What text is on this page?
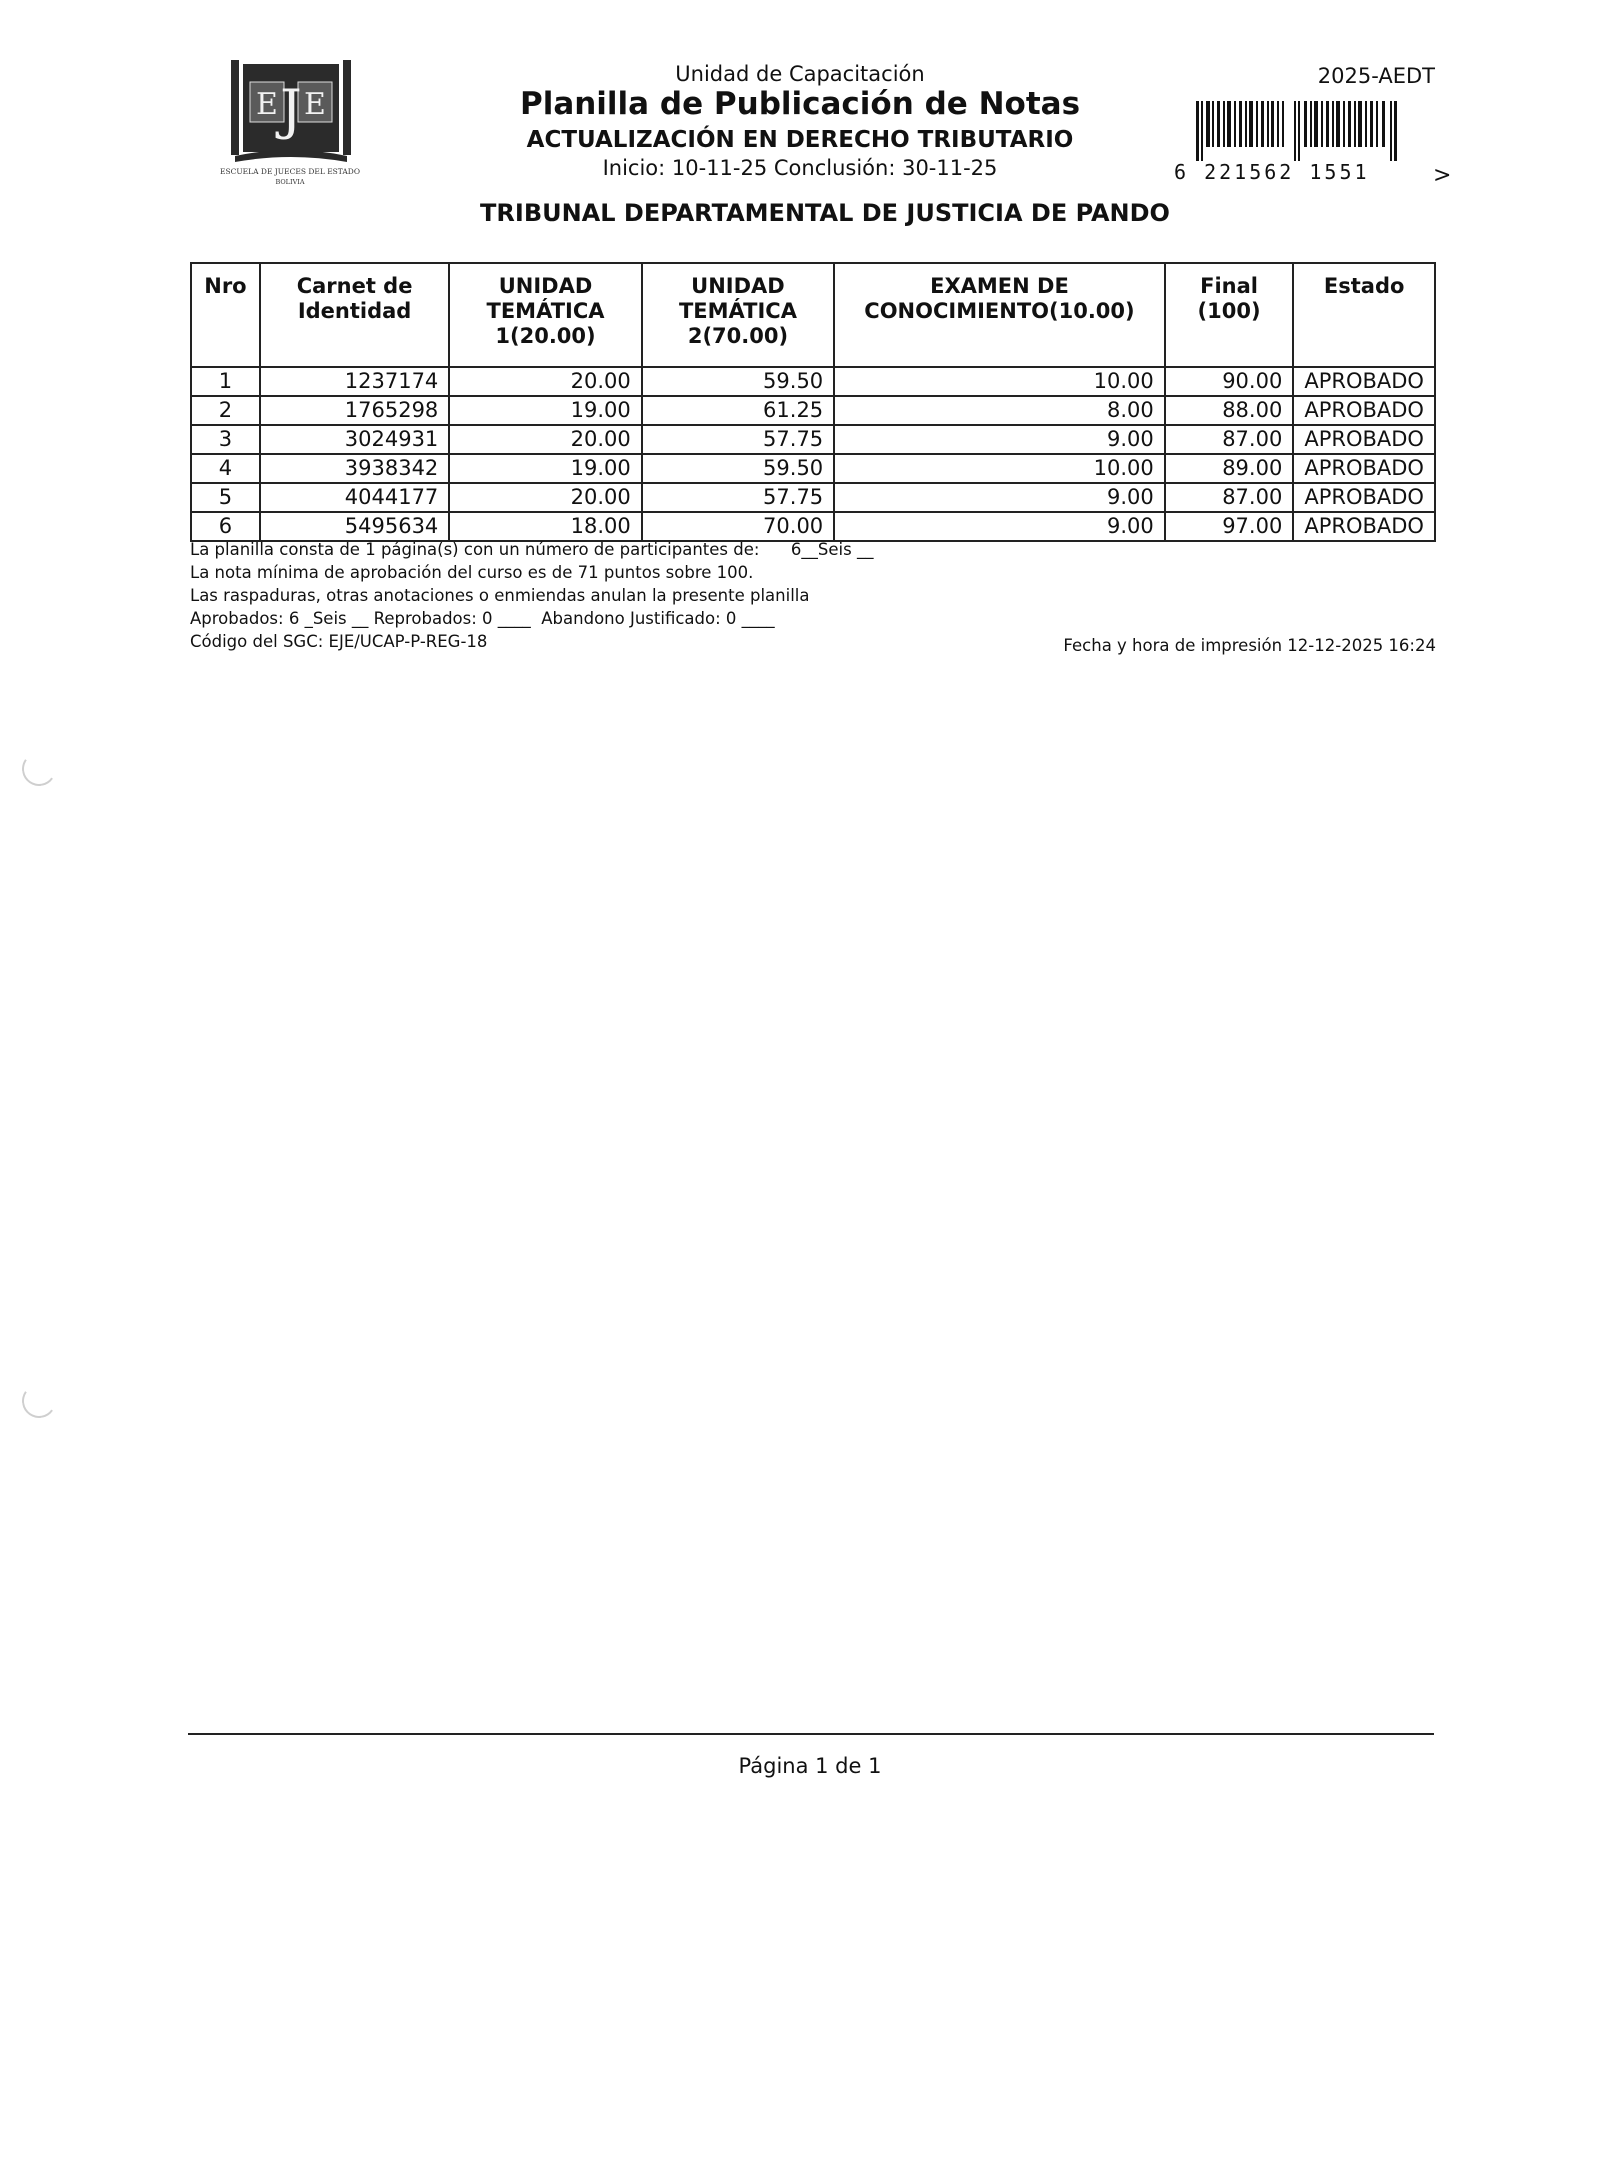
E J E
ESCUELA DE JUECES DEL ESTADO
BOLIVIA
Unidad de Capacitación
Planilla de Publicación de Notas
ACTUALIZACIÓN EN DERECHO TRIBUTARIO
Inicio: 10-11-25 Conclusión: 30-11-25
TRIBUNAL DEPARTAMENTAL DE JUSTICIA DE PANDO
2025-AEDT
6 221562 1551	>
Nro	Carnet de Identidad	UNIDAD TEMÁTICA 1(20.00)	UNIDAD TEMÁTICA 2(70.00)	EXAMEN DE CONOCIMIENTO(10.00)	Final (100)	Estado
1	1237174	20.00	59.50	10.00	90.00	APROBADO
2	1765298	19.00	61.25	8.00	88.00	APROBADO
3	3024931	20.00	57.75	9.00	87.00	APROBADO
4	3938342	19.00	59.50	10.00	89.00	APROBADO
5	4044177	20.00	57.75	9.00	87.00	APROBADO
6	5495634	18.00	70.00	9.00	97.00	APROBADO
La planilla consta de 1 página(s) con un número de participantes de:      6__Seis __
La nota mínima de aprobación del curso es de 71 puntos sobre 100.
Las raspaduras, otras anotaciones o enmiendas anulan la presente planilla
Aprobados: 6 _Seis __ Reprobados: 0 ____  Abandono Justificado: 0 ____
Código del SGC: EJE/UCAP-P-REG-18	Fecha y hora de impresión 12-12-2025 16:24
Página 1 de 1
